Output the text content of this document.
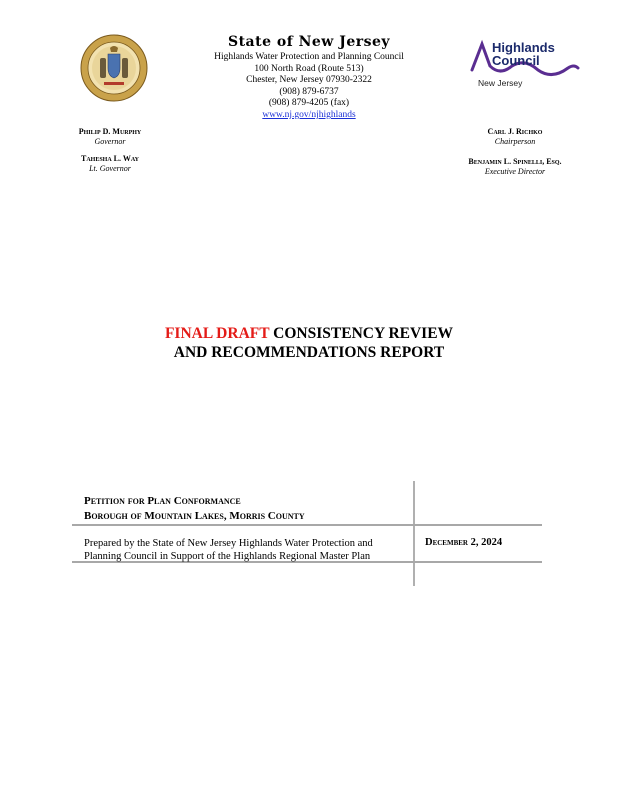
State of New Jersey
Highlands Water Protection and Planning Council
100 North Road (Route 513)
Chester, New Jersey 07930-2322
(908) 879-6737
(908) 879-4205 (fax)
www.nj.gov/njhighlands
Highlands
Council
New Jersey
Philip D. Murphy
Governor
Tahesha L. Way
Lt. Governor
Carl J. Richko
Chairperson
Benjamin L. Spinelli, Esq.
Executive Director
FINAL DRAFT CONSISTENCY REVIEW
AND RECOMMENDATIONS REPORT
Petition for Plan Conformance
Borough of Mountain Lakes, Morris County
Prepared by the State of New Jersey Highlands Water Protection and Planning Council in Support of the Highlands Regional Master Plan
December 2, 2024
